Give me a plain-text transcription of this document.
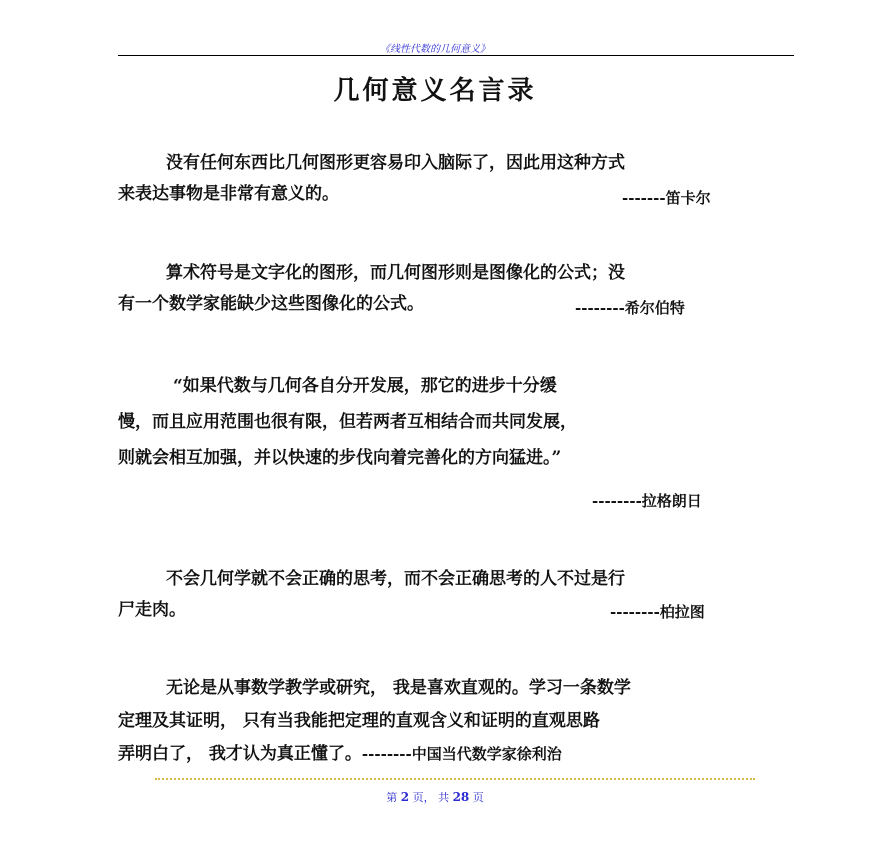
《线性代数的几何意义》
几何意义名言录
没有任何东西比几何图形更容易印入脑际了，因此用这种方式
来表达事物是非常有意义的。	-------笛卡尔
算术符号是文字化的图形，而几何图形则是图像化的公式；没
有一个数学家能缺少这些图像化的公式。	--------希尔伯特
“如果代数与几何各自分开发展，那它的进步十分缓
慢，而且应用范围也很有限，但若两者互相结合而共同发展，
则就会相互加强，并以快速的步伐向着完善化的方向猛进。”
--------拉格朗日
不会几何学就不会正确的思考，而不会正确思考的人不过是行
尸走肉。	--------柏拉图
无论是从事数学教学或研究， 我是喜欢直观的。学习一条数学
定理及其证明， 只有当我能把定理的直观含义和证明的直观思路
弄明白了， 我才认为真正懂了。--------中国当代数学家徐利治
第 2 页， 共 28 页
